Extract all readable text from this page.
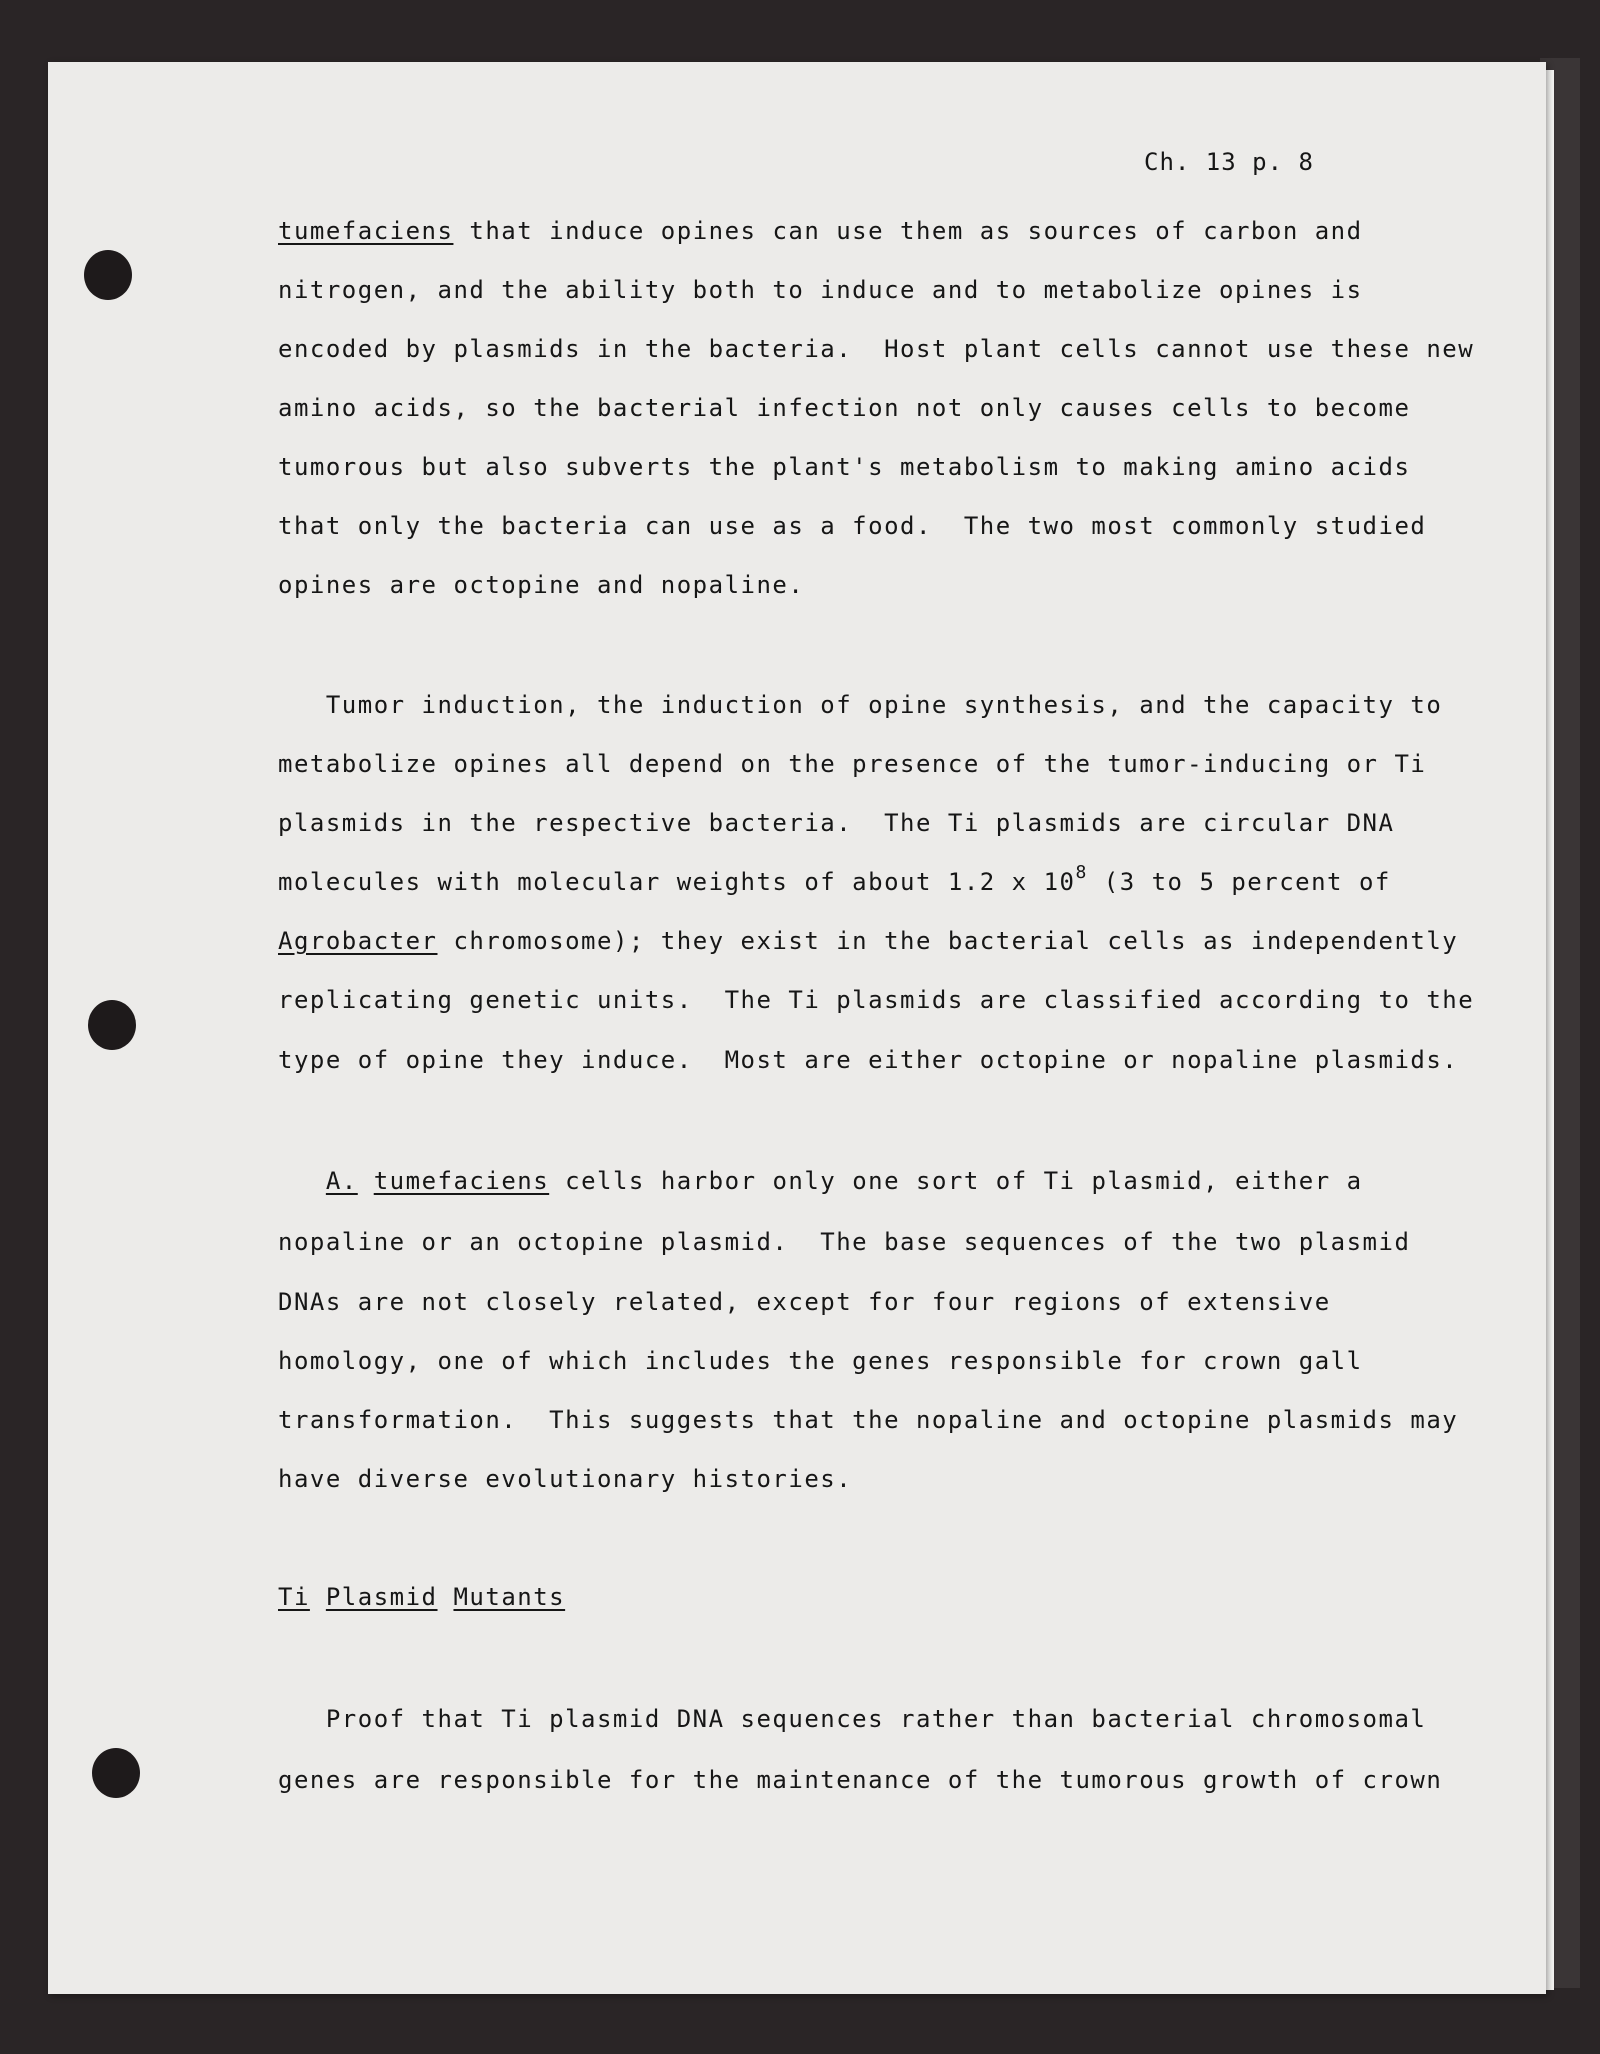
Ch. 13 p. 8
tumefaciens that induce opines can use them as sources of carbon and
nitrogen, and the ability both to induce and to metabolize opines is
encoded by plasmids in the bacteria.  Host plant cells cannot use these new
amino acids, so the bacterial infection not only causes cells to become
tumorous but also subverts the plant's metabolism to making amino acids
that only the bacteria can use as a food.  The two most commonly studied
opines are octopine and nopaline.
Tumor induction, the induction of opine synthesis, and the capacity to
metabolize opines all depend on the presence of the tumor-inducing or Ti
plasmids in the respective bacteria.  The Ti plasmids are circular DNA
molecules with molecular weights of about 1.2 x $10^8$ (3 to 5 percent of
Agrobacter chromosome); they exist in the bacterial cells as independently
replicating genetic units.  The Ti plasmids are classified according to the
type of opine they induce.  Most are either octopine or nopaline plasmids.
A. tumefaciens cells harbor only one sort of Ti plasmid, either a
nopaline or an octopine plasmid.  The base sequences of the two plasmid
DNAs are not closely related, except for four regions of extensive
homology, one of which includes the genes responsible for crown gall
transformation.  This suggests that the nopaline and octopine plasmids may
have diverse evolutionary histories.
Ti Plasmid Mutants
Proof that Ti plasmid DNA sequences rather than bacterial chromosomal
genes are responsible for the maintenance of the tumorous growth of crown
